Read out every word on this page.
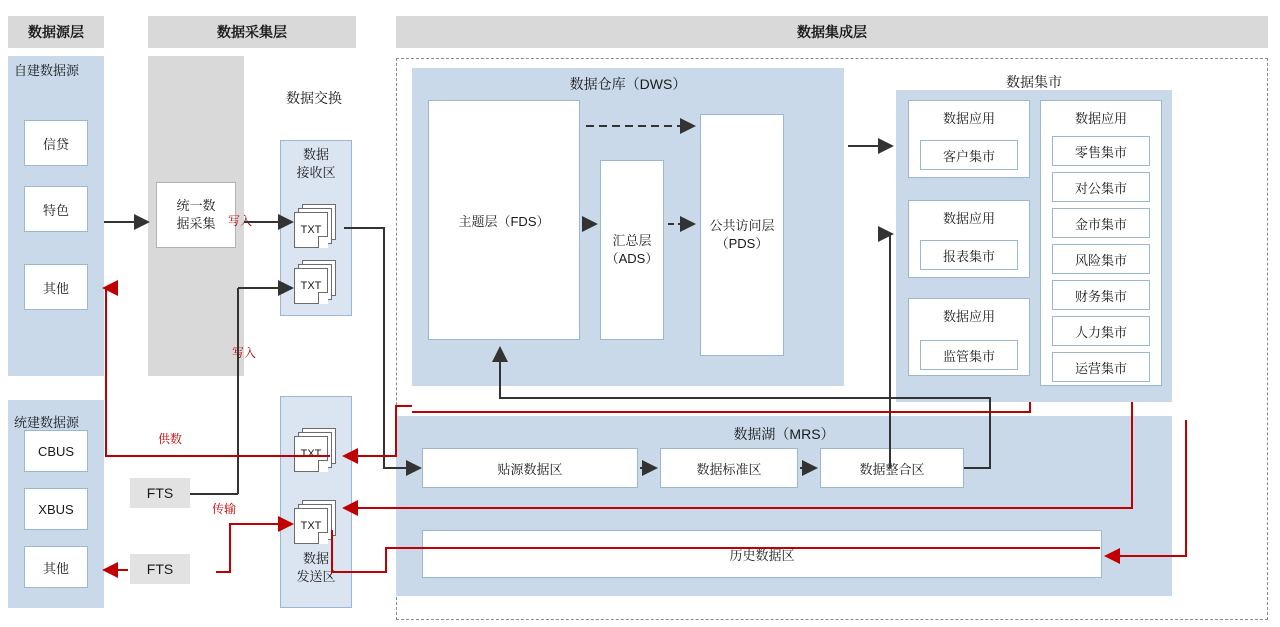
数据源层	数据采集层	数据集成层
自建数据源
信贷
特色
其他
统建数据源
CBUS
XBUS
其他
统一数
据采集
数据交换
数据
接收区
TXT
TXT
TXT
TXT
数据
发送区
FTS
FTS
数据仓库（DWS）
主题层（FDS）
汇总层
（ADS）
公共访问层
（PDS）
数据集市
数据应用
客户集市
数据应用
报表集市
数据应用
监管集市
数据应用
零售集市
对公集市
金市集市
风险集市
财务集市
人力集市
运营集市
数据湖（MRS）
贴源数据区	数据标准区	数据整合区
历史数据区
写入
写入
供数
传输
